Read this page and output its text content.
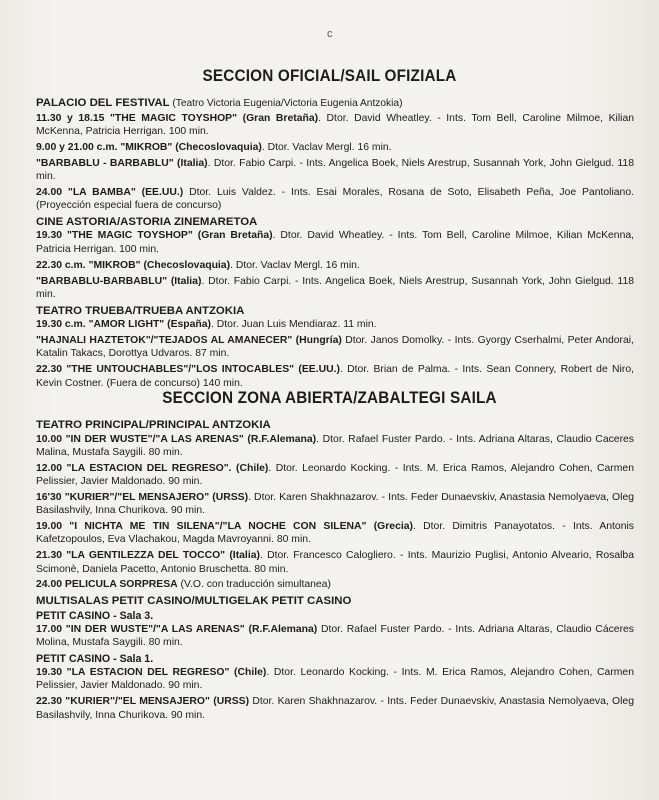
c
SECCION OFICIAL/SAIL OFIZIALA
PALACIO DEL FESTIVAL (Teatro Victoria Eugenia/Victoria Eugenia Antzokia)
11.30 y 18.15 "THE MAGIC TOYSHOP" (Gran Bretaña). Dtor. David Wheatley. - Ints. Tom Bell, Caroline Milmoe, Kilian McKenna, Patricia Herrigan. 100 min.
9.00 y 21.00 c.m. "MIKROB" (Checoslovaquia). Dtor. Vaclav Mergl. 16 min.
"BARBABLU - BARBABLU" (Italia). Dtor. Fabio Carpi. - Ints. Angelica Boek, Niels Arestrup, Susannah York, John Gielgud. 118 min.
24.00 "LA BAMBA" (EE.UU.) Dtor. Luis Valdez. - Ints. Esai Morales, Rosana de Soto, Elisabeth Peña, Joe Pantoliano. (Proyección especial fuera de concurso)
CINE ASTORIA/ASTORIA ZINEMARETOA
19.30 "THE MAGIC TOYSHOP" (Gran Bretaña). Dtor. David Wheatley. - Ints. Tom Bell, Caroline Milmoe, Kilian McKenna, Patricia Herrigan. 100 min.
22.30 c.m. "MIKROB" (Checoslovaquia). Dtor. Vaclav Mergl. 16 min.
"BARBABLU-BARBABLU" (Italia). Dtor. Fabio Carpi. - Ints. Angelica Boek, Niels Arestrup, Susannah York, John Gielgud. 118 min.
TEATRO TRUEBA/TRUEBA ANTZOKIA
19.30 c.m. "AMOR LIGHT" (España). Dtor. Juan Luis Mendiaraz. 11 min.
"HAJNALI HAZTETOK"/"TEJADOS AL AMANECER" (Hungría) Dtor. Janos Domolky. - Ints. Gyorgy Cserhalmi, Peter Andorai, Katalin Takacs, Dorottya Udvaros. 87 min.
22.30 "THE UNTOUCHABLES"/"LOS INTOCABLES" (EE.UU.). Dtor. Brian de Palma. - Ints. Sean Connery, Robert de Niro, Kevin Costner. (Fuera de concurso) 140 min.
SECCION ZONA ABIERTA/ZABALTEGI SAILA
TEATRO PRINCIPAL/PRINCIPAL ANTZOKIA
10.00 "IN DER WUSTE"/"A LAS ARENAS" (R.F.Alemana). Dtor. Rafael Fuster Pardo. - Ints. Adriana Altaras, Claudio Caceres Malina, Mustafa Saygili. 80 min.
12.00 "LA ESTACION DEL REGRESO". (Chile). Dtor. Leonardo Kocking. - Ints. M. Erica Ramos, Alejandro Cohen, Carmen Pelissier, Javier Maldonado. 90 min.
16'30 "KURIER"/"EL MENSAJERO" (URSS). Dtor. Karen Shakhnazarov. - Ints. Feder Dunaevskiv, Anastasia Nemolyaeva, Oleg Basilashvily, Inna Churikova. 90 min.
19.00 "I NICHTA ME TIN SILENA"/"LA NOCHE CON SILENA" (Grecia). Dtor. Dimitris Panayotatos. - Ints. Antonis Kafetzopoulos, Eva Vlachakou, Magda Mavroyanni. 80 min.
21.30 "LA GENTILEZZA DEL TOCCO" (Italia). Dtor. Francesco Calogliero. - Ints. Maurizio Puglisi, Antonio Alveario, Rosalba Scimonè, Daniela Pacetto, Antonio Bruschetta. 80 min.
24.00 PELICULA SORPRESA (V.O. con traducción simultanea)
MULTISALAS PETIT CASINO/MULTIGELAK PETIT CASINO
PETIT CASINO - Sala 3.
17.00 "IN DER WUSTE"/"A LAS ARENAS" (R.F.Alemana) Dtor. Rafael Fuster Pardo. - Ints. Adriana Altaras, Claudio Cáceres Molina, Mustafa Saygili. 80 min.
PETIT CASINO - Sala 1.
19.30 "LA ESTACION DEL REGRESO" (Chile). Dtor. Leonardo Kocking. - Ints. M. Erica Ramos, Alejandro Cohen, Carmen Pelissier, Javier Maldonado. 90 min.
22.30 "KURIER"/"EL MENSAJERO" (URSS) Dtor. Karen Shakhnazarov. - Ints. Feder Dunaevskiv, Anastasia Nemolyaeva, Oleg Basilashvily, Inna Churikova. 90 min.
